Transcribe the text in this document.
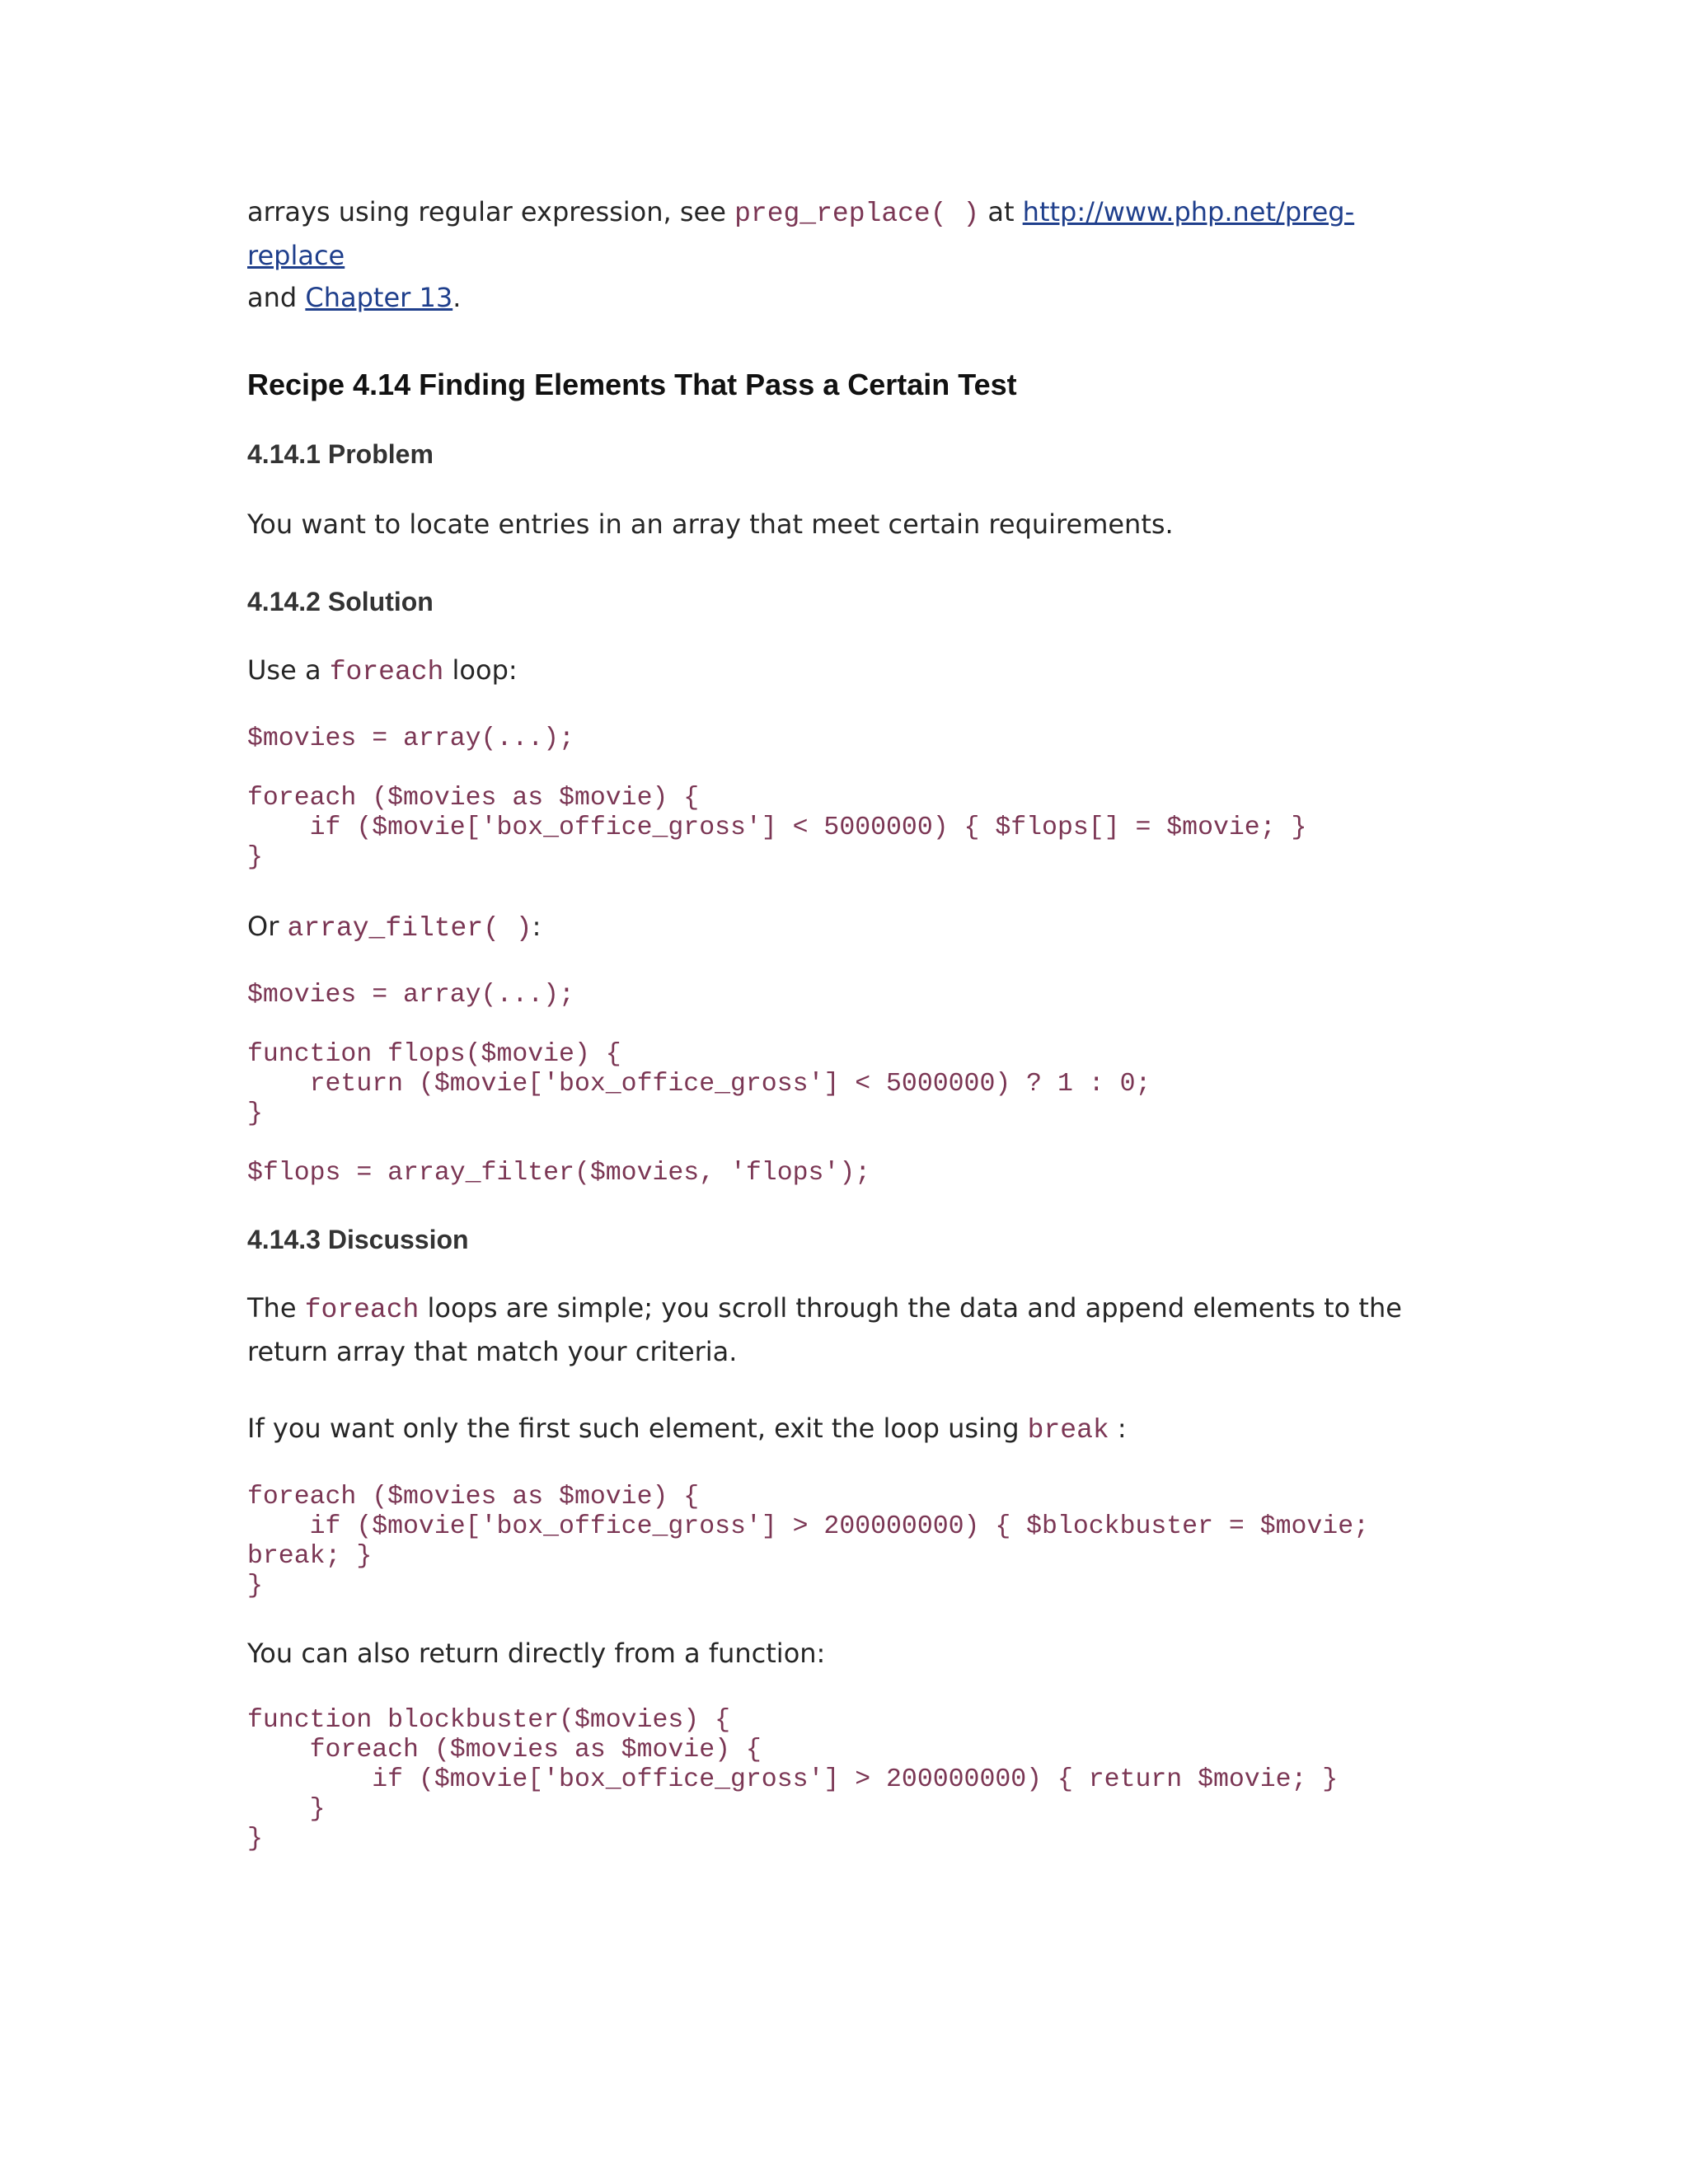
arrays using regular expression, see preg_replace( ) at http://www.php.net/preg-replace
and Chapter 13.

Recipe 4.14 Finding Elements That Pass a Certain Test
4.14.1 Problem

You want to locate entries in an array that meet certain requirements.

4.14.2 Solution

Use a foreach loop:

$movies = array(...);

foreach ($movies as $movie) {
if ($movie['box_office_gross'] < 5000000) { $flops[] = $movie; }
}

Or array_filter( ):

$movies = array(...);

function flops($movie) {
return ($movie['box_office_gross'] < 5000000) ? 1 : 0;
}

$flops = array_filter($movies, 'flops');
4.14.3 Discussion

The foreach loops are simple; you scroll through the data and append elements to the return array that match your criteria.

If you want only the first such element, exit the loop using break :

foreach ($movies as $movie) {
if ($movie['box_office_gross'] > 200000000) { $blockbuster = $movie;
break; }
}

You can also return directly from a function:

function blockbuster($movies) {
foreach ($movies as $movie) {
if ($movie['box_office_gross'] > 200000000) { return $movie; }
}
}
